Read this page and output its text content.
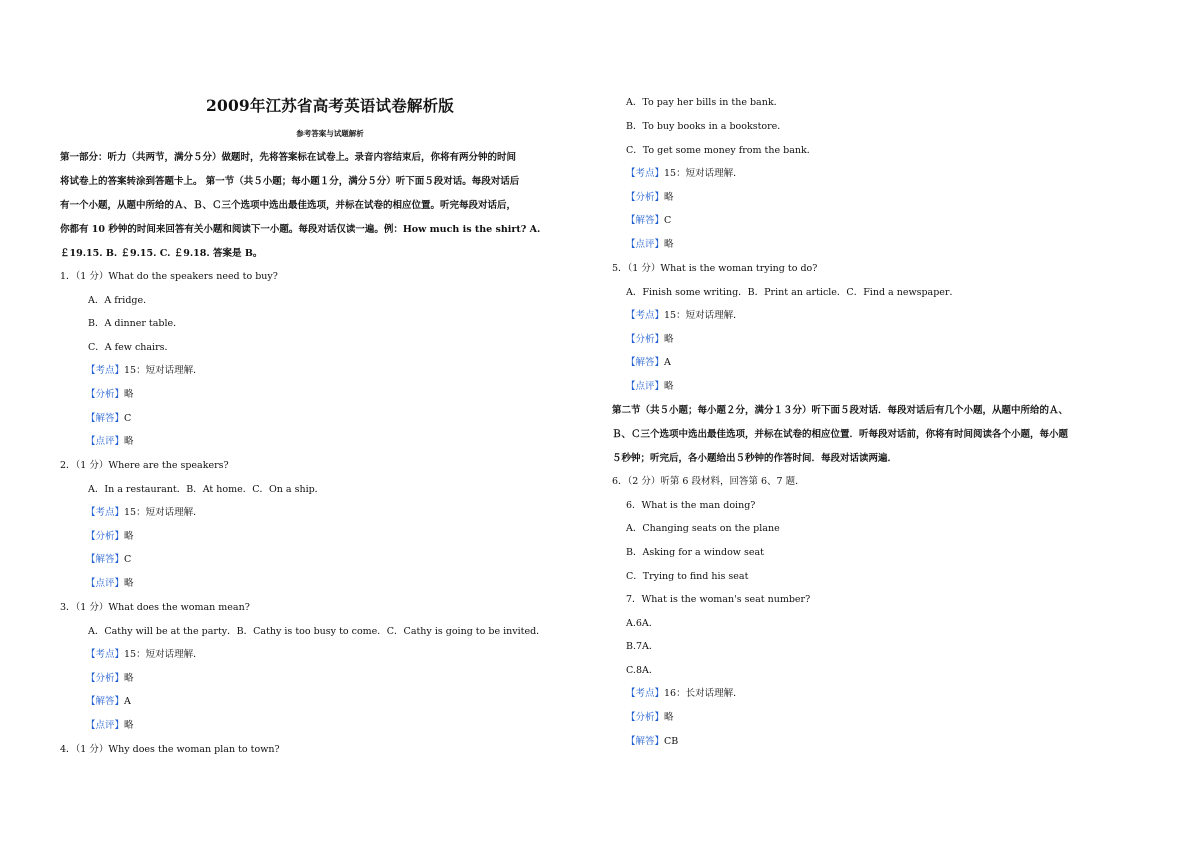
2009年江苏省高考英语试卷解析版
参考答案与试题解析
第一部分：听力（共两节，满分５分）做题时，先将答案标在试卷上。录音内容结束后，你将有两分钟的时间
将试卷上的答案转涂到答题卡上。 第一节（共５小题；每小题１分，满分５分）听下面５段对话。每段对话后
有一个小题，从题中所给的Ａ、Ｂ、Ｃ三个选项中选出最佳选项，并标在试卷的相应位置。听完每段对话后，
你都有 10 秒钟的时间来回答有关小题和阅读下一小题。每段对话仅读一遍。例：How much is the shirt? A.
￡19.15. B. ￡9.15. C. ￡9.18. 答案是 B。
1．（1 分）What do the speakers need to buy?
A．A fridge．
B．A dinner table．
C．A few chairs．
【考点】15：短对话理解．
【分析】略
【解答】C
【点评】略
2．（1 分）Where are the speakers?
A．In a restaurant．B．At home．C．On a ship．
【考点】15：短对话理解．
【分析】略
【解答】C
【点评】略
3．（1 分）What does the woman mean?
A．Cathy will be at the party．B．Cathy is too busy to come．C．Cathy is going to be invited．
【考点】15：短对话理解．
【分析】略
【解答】A
【点评】略
4．（1 分）Why does the woman plan to town?
A．To pay her bills in the bank．
B．To buy books in a bookstore．
C．To get some money from the bank．
【考点】15：短对话理解．
【分析】略
【解答】C
【点评】略
5．（1 分）What is the woman trying to do?
A．Finish some writing．B．Print an article．C．Find a newspaper．
【考点】15：短对话理解．
【分析】略
【解答】A
【点评】略
第二节（共５小题；每小题２分，满分１３分）听下面５段对话．每段对话后有几个小题，从题中所给的Ａ、
Ｂ、Ｃ三个选项中选出最佳选项，并标在试卷的相应位置．听每段对话前，你将有时间阅读各个小题，每小题
５秒钟；听完后，各小题给出５秒钟的作答时间．每段对话读两遍．
6．（2 分）听第 6 段材料，回答第 6、7 题．
6．What is the man doing?
A．Changing seats on the plane
B．Asking for a window seat
C．Trying to find his seat
7．What is the woman's seat number?
A.6A．
B.7A．
C.8A．
【考点】16：长对话理解．
【分析】略
【解答】CB
